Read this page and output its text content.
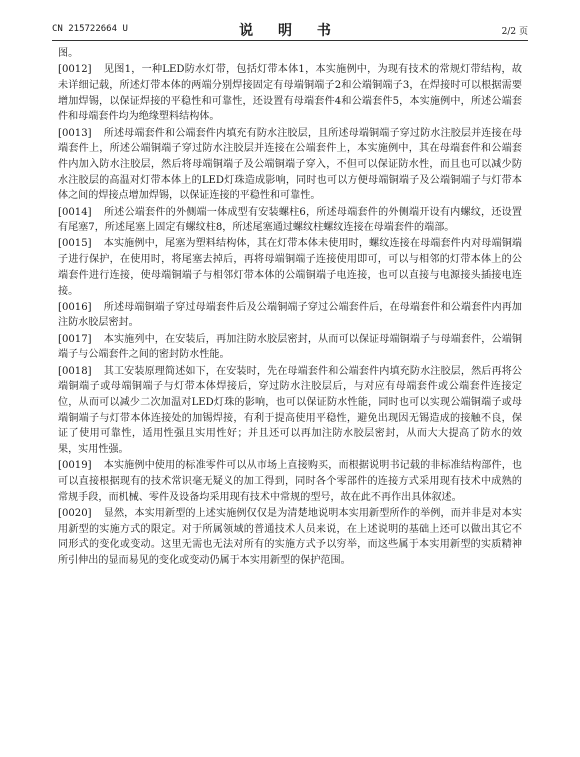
CN 215722664 U	说 明 书	2/2 页

图。

[0012]  见图1，一种LED防水灯带，包括灯带本体1，本实施例中，为现有技术的常规灯带结构，故未详细记载，所述灯带本体的两端分别焊接固定有母端铜端子2和公端铜端子3，在焊接时可以根据需要增加焊锡，以保证焊接的平稳性和可靠性，还设置有母端套件4和公端套件5，本实施例中，所述公端套件和母端套件均为绝缘塑料结构体。

[0013]  所述母端套件和公端套件内填充有防水注胶层，且所述母端铜端子穿过防水注胶层并连接在母端套件上，所述公端铜端子穿过防水注胶层并连接在公端套件上，本实施例中，其在母端套件和公端套件内加入防水注胶层，然后将母端铜端子及公端铜端子穿入，不但可以保证防水性，而且也可以减少防水注胶层的高温对灯带本体上的LED灯珠造成影响，同时也可以方便母端铜端子及公端铜端子与灯带本体之间的焊接点增加焊锡，以保证连接的平稳性和可靠性。

[0014]  所述公端套件的外侧端一体成型有安装螺柱6，所述母端套件的外侧端开设有内螺纹，还设置有尾塞7，所述尾塞上固定有螺纹柱8，所述尾塞通过螺纹柱螺纹连接在母端套件的端部。

[0015]  本实施例中，尾塞为塑料结构体，其在灯带本体未使用时，螺纹连接在母端套件内对母端铜端子进行保护，在使用时，将尾塞去掉后，再将母端铜端子连接使用即可，可以与相邻的灯带本体上的公端套件进行连接，使母端铜端子与相邻灯带本体的公端铜端子电连接，也可以直接与电源接头插接电连接。

[0016]  所述母端铜端子穿过母端套件后及公端铜端子穿过公端套件后，在母端套件和公端套件内再加注防水胶层密封。

[0017]  本实施列中，在安装后，再加注防水胶层密封，从而可以保证母端铜端子与母端套件，公端铜端子与公端套件之间的密封防水性能。

[0018]  其工安装原理简述如下，在安装时，先在母端套件和公端套件内填充防水注胶层，然后再将公端铜端子或母端铜端子与灯带本体焊接后，穿过防水注胶层后，与对应有母端套件或公端套件连接定位，从而可以减少二次加温对LED灯珠的影响，也可以保证防水性能，同时也可以实现公端铜端子或母端铜端子与灯带本体连接处的加锡焊接，有利于提高使用平稳性，避免出现因无锡造成的接触不良，保证了使用可靠性，适用性强且实用性好；并且还可以再加注防水胶层密封，从而大大提高了防水的效果，实用性强。

[0019]  本实施例中使用的标准零件可以从市场上直接购买，而根据说明书记载的非标准结构部件，也可以直接根据现有的技术常识毫无疑义的加工得到，同时各个零部件的连接方式采用现有技术中成熟的常规手段，而机械、零件及设备均采用现有技术中常规的型号，故在此不再作出具体叙述。

[0020]  显然，本实用新型的上述实施例仅仅是为清楚地说明本实用新型所作的举例，而并非是对本实用新型的实施方式的限定。对于所属领域的普通技术人员来说，在上述说明的基础上还可以做出其它不同形式的变化或变动。这里无需也无法对所有的实施方式予以穷举，而这些属于本实用新型的实质精神所引伸出的显而易见的变化或变动仍属于本实用新型的保护范围。
